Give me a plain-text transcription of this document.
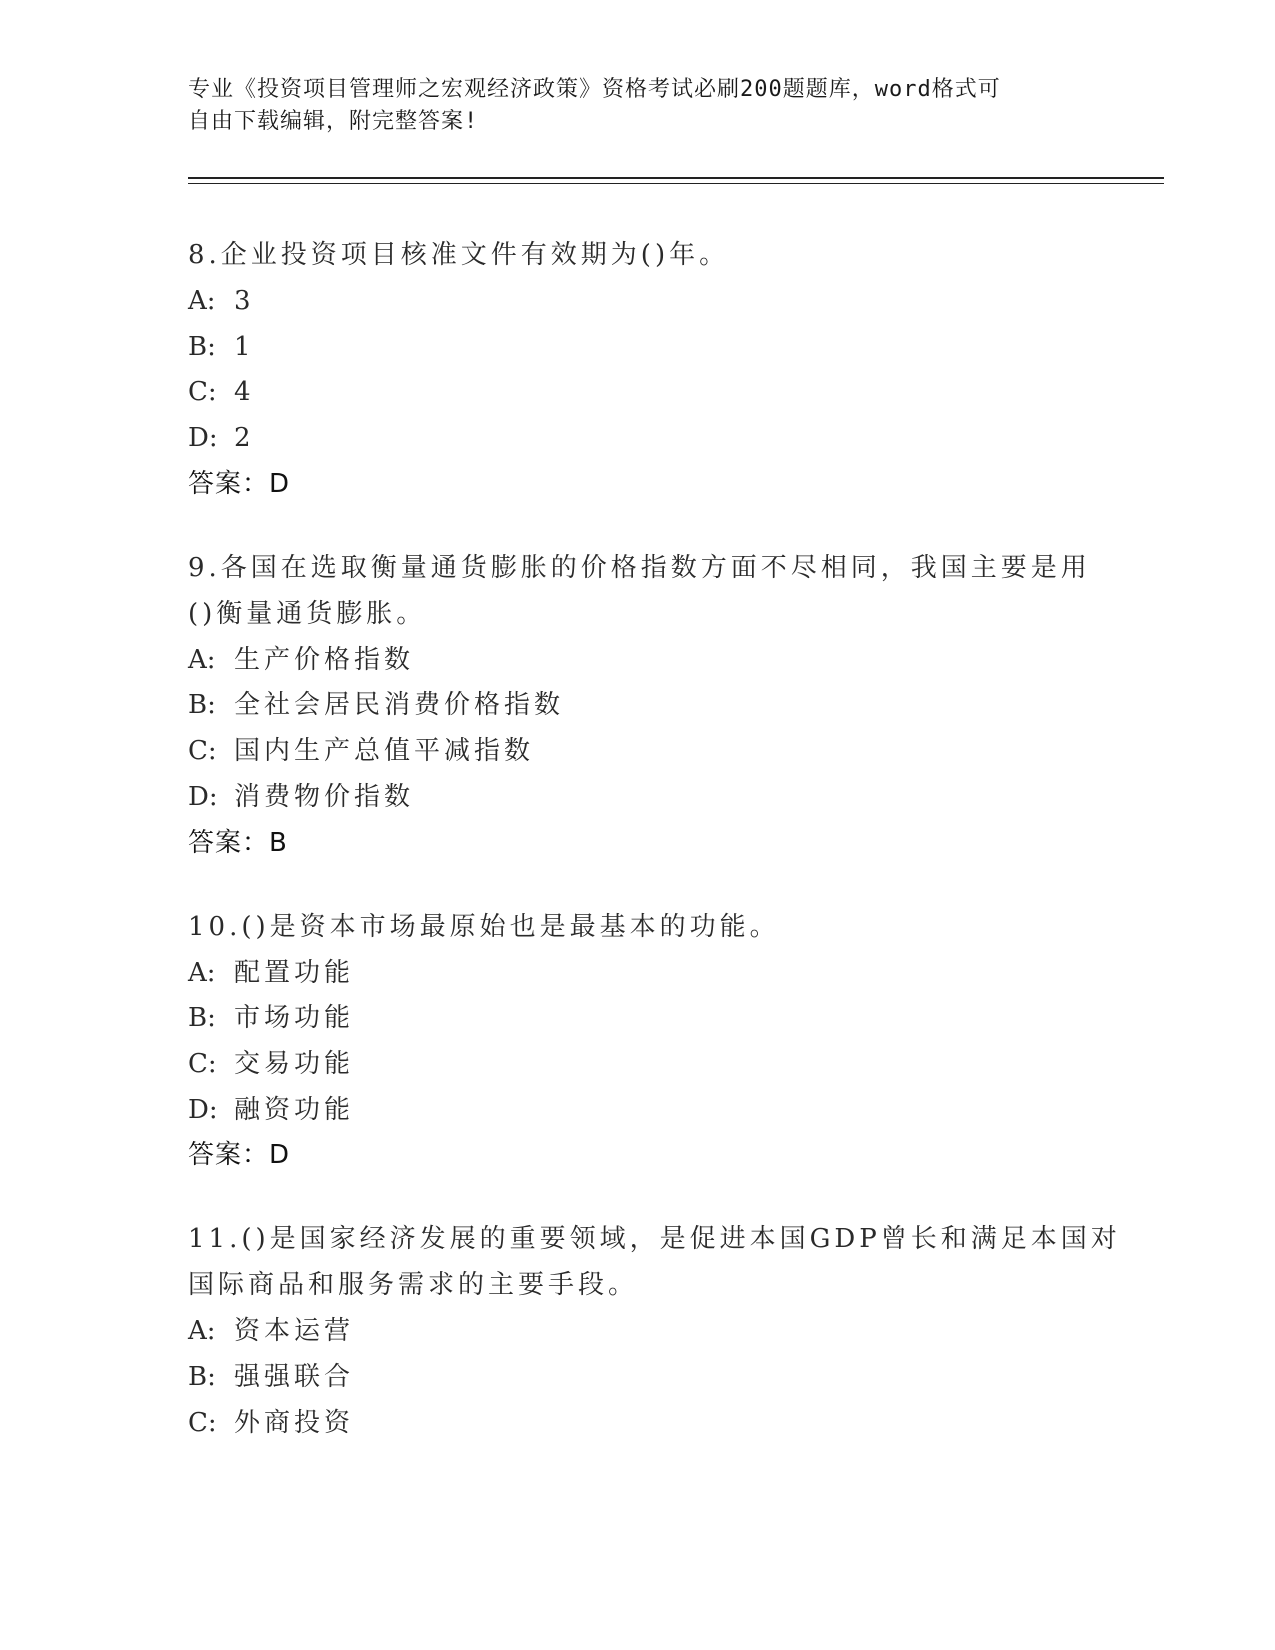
专业《投资项目管理师之宏观经济政策》资格考试必刷200题题库，word格式可
自由下载编辑，附完整答案!
8.企业投资项目核准文件有效期为()年。
A: 3
B: 1
C: 4
D: 2
答案：D
9.各国在选取衡量通货膨胀的价格指数方面不尽相同，我国主要是用
()衡量通货膨胀。
A: 生产价格指数
B: 全社会居民消费价格指数
C: 国内生产总值平减指数
D: 消费物价指数
答案：B
10.()是资本市场最原始也是最基本的功能。
A: 配置功能
B: 市场功能
C: 交易功能
D: 融资功能
答案：D
11.()是国家经济发展的重要领域，是促进本国GDP曾长和满足本国对
国际商品和服务需求的主要手段。
A: 资本运营
B: 强强联合
C: 外商投资
